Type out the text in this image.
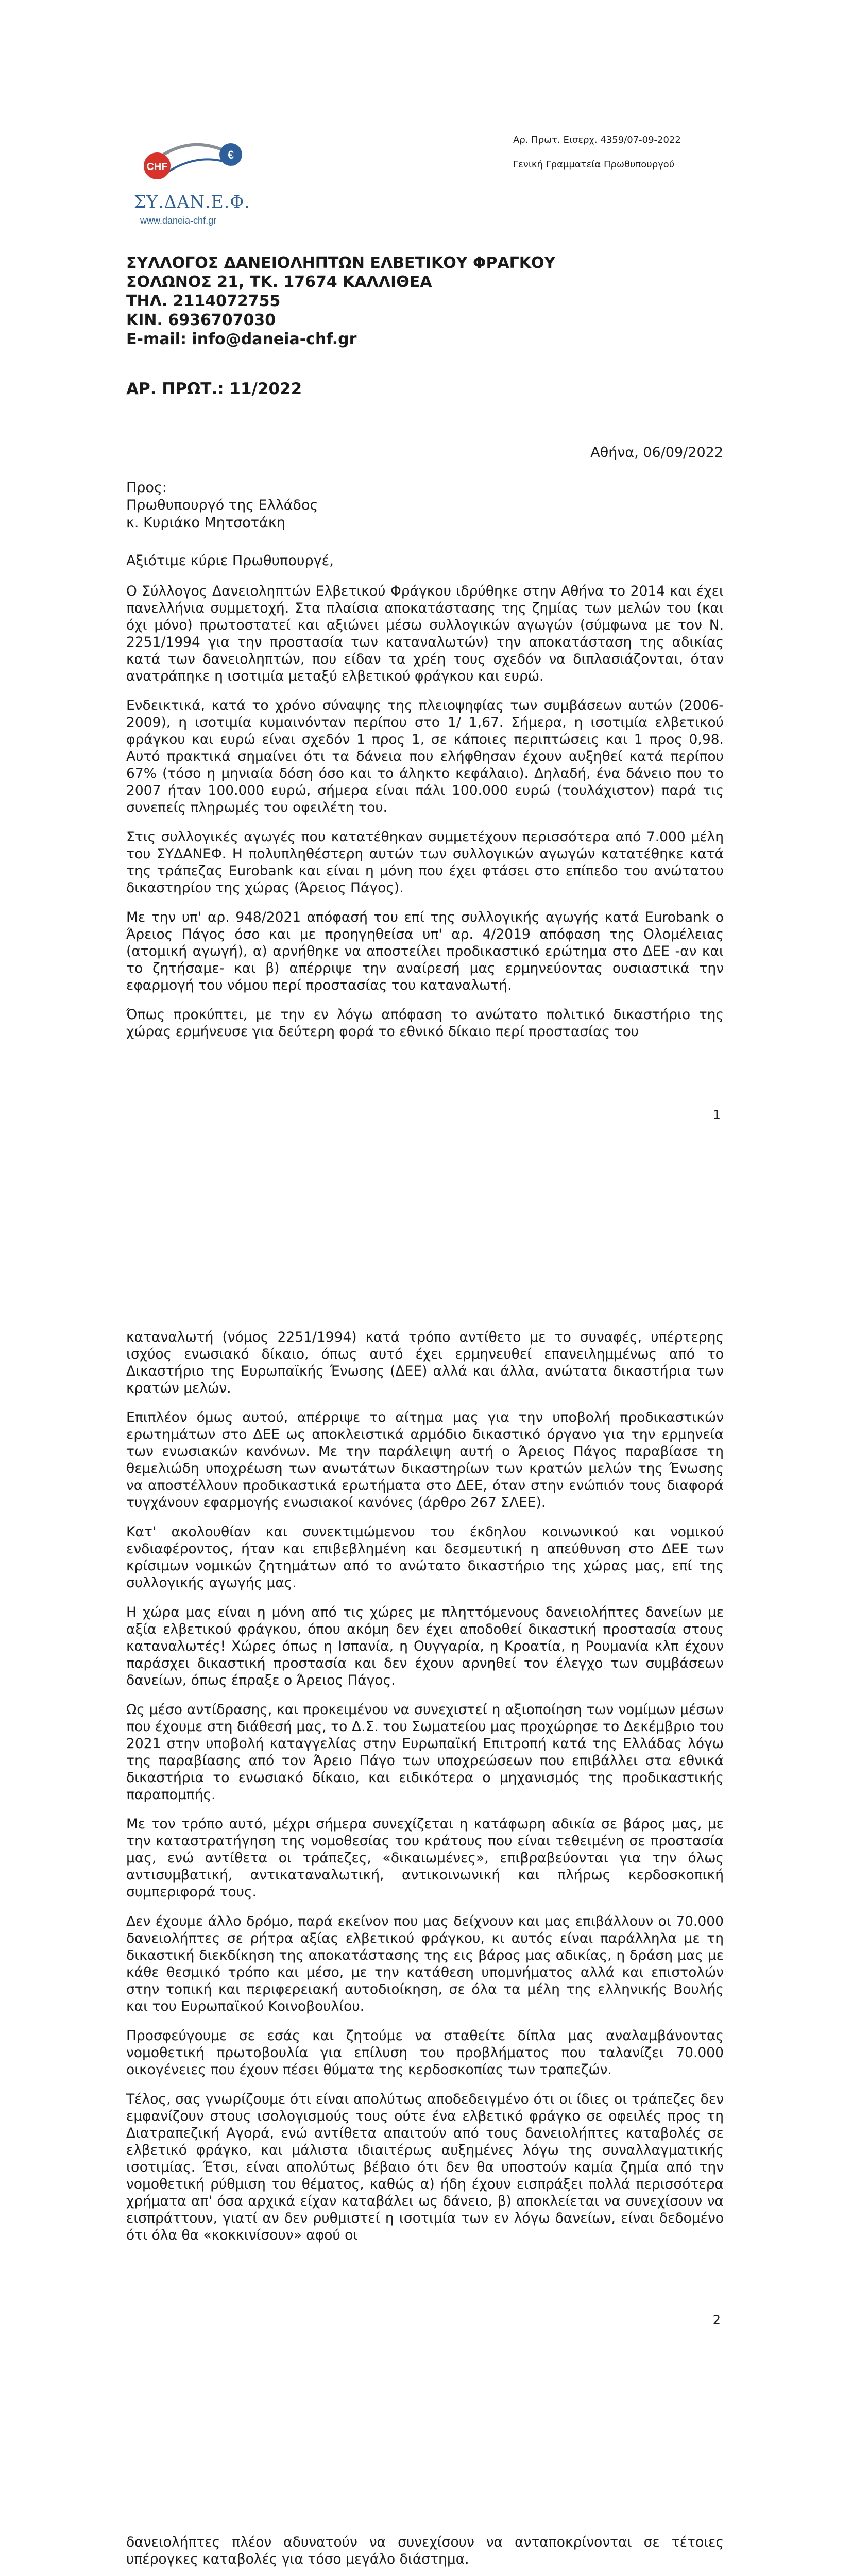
CHF
€
ΣΥ.ΔΑΝ.Ε.Φ.
www.daneia-chf.gr
Αρ. Πρωτ. Εισερχ. 4359/07-09-2022
Γενική Γραμματεία Πρωθυπουργού
ΣΥΛΛΟΓΟΣ ΔΑΝΕΙΟΛΗΠΤΩΝ ΕΛΒΕΤΙΚΟΥ ΦΡΑΓΚΟΥ
ΣΟΛΩΝΟΣ 21, ΤΚ. 17674 ΚΑΛΛΙΘΕΑ
ΤΗΛ. 2114072755
ΚΙΝ. 6936707030
E-mail: info@daneia-chf.gr
ΑΡ. ΠΡΩΤ.: 11/2022
Αθήνα, 06/09/2022
Προς:
Πρωθυπουργό της Ελλάδος
κ. Κυριάκο Μητσοτάκη
Αξιότιμε κύριε Πρωθυπουργέ,

Ο Σύλλογος Δανειοληπτών Ελβετικού Φράγκου ιδρύθηκε στην Αθήνα το 2014 και έχει πανελλήνια συμμετοχή. Στα πλαίσια αποκατάστασης της ζημίας των μελών του (και όχι μόνο) πρωτοστατεί και αξιώνει μέσω συλλογικών αγωγών (σύμφωνα με τον Ν. 2251/1994 για την προστασία των καταναλωτών) την αποκατάσταση της αδικίας κατά των δανειοληπτών, που είδαν τα χρέη τους σχεδόν να διπλασιάζονται, όταν ανατράπηκε η ισοτιμία μεταξύ ελβετικού φράγκου και ευρώ.

Ενδεικτικά, κατά το χρόνο σύναψης της πλειοψηφίας των συμβάσεων αυτών (2006- 2009), η ισοτιμία κυμαινόνταν περίπου στο 1/ 1,67. Σήμερα, η ισοτιμία ελβετικού φράγκου και ευρώ είναι σχεδόν 1 προς 1, σε κάποιες περιπτώσεις και 1 προς 0,98. Αυτό πρακτικά σημαίνει ότι τα δάνεια που ελήφθησαν έχουν αυξηθεί κατά περίπου 67% (τόσο η μηνιαία δόση όσο και το άληκτο κεφάλαιο). Δηλαδή, ένα δάνειο που το 2007 ήταν 100.000 ευρώ, σήμερα είναι πάλι 100.000 ευρώ (τουλάχιστον) παρά τις συνεπείς πληρωμές του οφειλέτη του.

Στις συλλογικές αγωγές που κατατέθηκαν συμμετέχουν περισσότερα από 7.000 μέλη του ΣΥΔΑΝΕΦ. Η πολυπληθέστερη αυτών των συλλογικών αγωγών κατατέθηκε κατά της τράπεζας Eurobank και είναι η μόνη που έχει φτάσει στο επίπεδο του ανώτατου δικαστηρίου της χώρας (Άρειος Πάγος).

Με την υπ' αρ. 948/2021 απόφασή του επί της συλλογικής αγωγής κατά Eurobank ο Άρειος Πάγος όσο και με προηγηθείσα υπ' αρ. 4/2019 απόφαση της Ολομέλειας (ατομική αγωγή), α) αρνήθηκε να αποστείλει προδικαστικό ερώτημα στο ΔΕΕ -αν και το ζητήσαμε- και β) απέρριψε την αναίρεσή μας ερμηνεύοντας ουσιαστικά την εφαρμογή του νόμου περί προστασίας του καταναλωτή.

Όπως προκύπτει, με την εν λόγω απόφαση το ανώτατο πολιτικό δικαστήριο της χώρας ερμήνευσε για δεύτερη φορά το εθνικό δίκαιο περί προστασίας του

1

καταναλωτή (νόμος 2251/1994) κατά τρόπο αντίθετο με το συναφές, υπέρτερης ισχύος ενωσιακό δίκαιο, όπως αυτό έχει ερμηνευθεί επανειλημμένως από το Δικαστήριο της Ευρωπαϊκής Ένωσης (ΔΕΕ) αλλά και άλλα, ανώτατα δικαστήρια των κρατών μελών.

Επιπλέον όμως αυτού, απέρριψε το αίτημα μας για την υποβολή προδικαστικών ερωτημάτων στο ΔΕΕ ως αποκλειστικά αρμόδιο δικαστικό όργανο για την ερμηνεία των ενωσιακών κανόνων. Με την παράλειψη αυτή ο Άρειος Πάγος παραβίασε τη θεμελιώδη υποχρέωση των ανωτάτων δικαστηρίων των κρατών μελών της Ένωσης να αποστέλλουν προδικαστικά ερωτήματα στο ΔΕΕ, όταν στην ενώπιόν τους διαφορά τυγχάνουν εφαρμογής ενωσιακοί κανόνες (άρθρο 267 ΣΛΕΕ).

Κατ' ακολουθίαν και συνεκτιμώμενου του έκδηλου κοινωνικού και νομικού ενδιαφέροντος, ήταν και επιβεβλημένη και δεσμευτική η απεύθυνση στο ΔΕΕ των κρίσιμων νομικών ζητημάτων από το ανώτατο δικαστήριο της χώρας μας, επί της συλλογικής αγωγής μας.

Η χώρα μας είναι η μόνη από τις χώρες με πληττόμενους δανειολήπτες δανείων με αξία ελβετικού φράγκου, όπου ακόμη δεν έχει αποδοθεί δικαστική προστασία στους καταναλωτές! Χώρες όπως η Ισπανία, η Ουγγαρία, η Κροατία, η Ρουμανία κλπ έχουν παράσχει δικαστική προστασία και δεν έχουν αρνηθεί τον έλεγχο των συμβάσεων δανείων, όπως έπραξε ο Άρειος Πάγος.

Ως μέσο αντίδρασης, και προκειμένου να συνεχιστεί η αξιοποίηση των νομίμων μέσων που έχουμε στη διάθεσή μας, το Δ.Σ. του Σωματείου μας προχώρησε το Δεκέμβριο του 2021 στην υποβολή καταγγελίας στην Ευρωπαϊκή Επιτροπή κατά της Ελλάδας λόγω της παραβίασης από τον Άρειο Πάγο των υποχρεώσεων που επιβάλλει στα εθνικά δικαστήρια το ενωσιακό δίκαιο, και ειδικότερα ο μηχανισμός της προδικαστικής παραπομπής.

Με τον τρόπο αυτό, μέχρι σήμερα συνεχίζεται η κατάφωρη αδικία σε βάρος μας, με την καταστρατήγηση της νομοθεσίας του κράτους που είναι τεθειμένη σε προστασία μας, ενώ αντίθετα οι τράπεζες, «δικαιωμένες», επιβραβεύονται για την όλως αντισυμβατική, αντικαταναλωτική, αντικοινωνική και πλήρως κερδοσκοπική συμπεριφορά τους.

Δεν έχουμε άλλο δρόμο, παρά εκείνον που μας δείχνουν και μας επιβάλλουν οι 70.000 δανειολήπτες σε ρήτρα αξίας ελβετικού φράγκου, κι αυτός είναι παράλληλα με τη δικαστική διεκδίκηση της αποκατάστασης της εις βάρος μας αδικίας, η δράση μας με κάθε θεσμικό τρόπο και μέσο, με την κατάθεση υπομνήματος αλλά και επιστολών στην τοπική και περιφερειακή αυτοδιοίκηση, σε όλα τα μέλη της ελληνικής Βουλής και του Ευρωπαϊκού Κοινοβουλίου.

Προσφεύγουμε σε εσάς και ζητούμε να σταθείτε δίπλα μας αναλαμβάνοντας νομοθετική πρωτοβουλία για επίλυση του προβλήματος που ταλανίζει 70.000 οικογένειες που έχουν πέσει θύματα της κερδοσκοπίας των τραπεζών.

Τέλος, σας γνωρίζουμε ότι είναι απολύτως αποδεδειγμένο ότι οι ίδιες οι τράπεζες δεν εμφανίζουν στους ισολογισμούς τους ούτε ένα ελβετικό φράγκο σε οφειλές προς τη Διατραπεζική Αγορά, ενώ αντίθετα απαιτούν από τους δανειολήπτες καταβολές σε ελβετικό φράγκο, και μάλιστα ιδιαιτέρως αυξημένες λόγω της συναλλαγματικής ισοτιμίας. Έτσι, είναι απολύτως βέβαιο ότι δεν θα υποστούν καμία ζημία από την νομοθετική ρύθμιση του θέματος, καθώς α) ήδη έχουν εισπράξει πολλά περισσότερα χρήματα απ' όσα αρχικά είχαν καταβάλει ως δάνειο, β) αποκλείεται να συνεχίσουν να εισπράττουν, γιατί αν δεν ρυθμιστεί η ισοτιμία των εν λόγω δανείων, είναι δεδομένο ότι όλα θα «κοκκινίσουν» αφού οι

2

δανειολήπτες πλέον αδυνατούν να συνεχίσουν να ανταποκρίνονται σε τέτοιες υπέρογκες καταβολές για τόσο μεγάλο διάστημα.
